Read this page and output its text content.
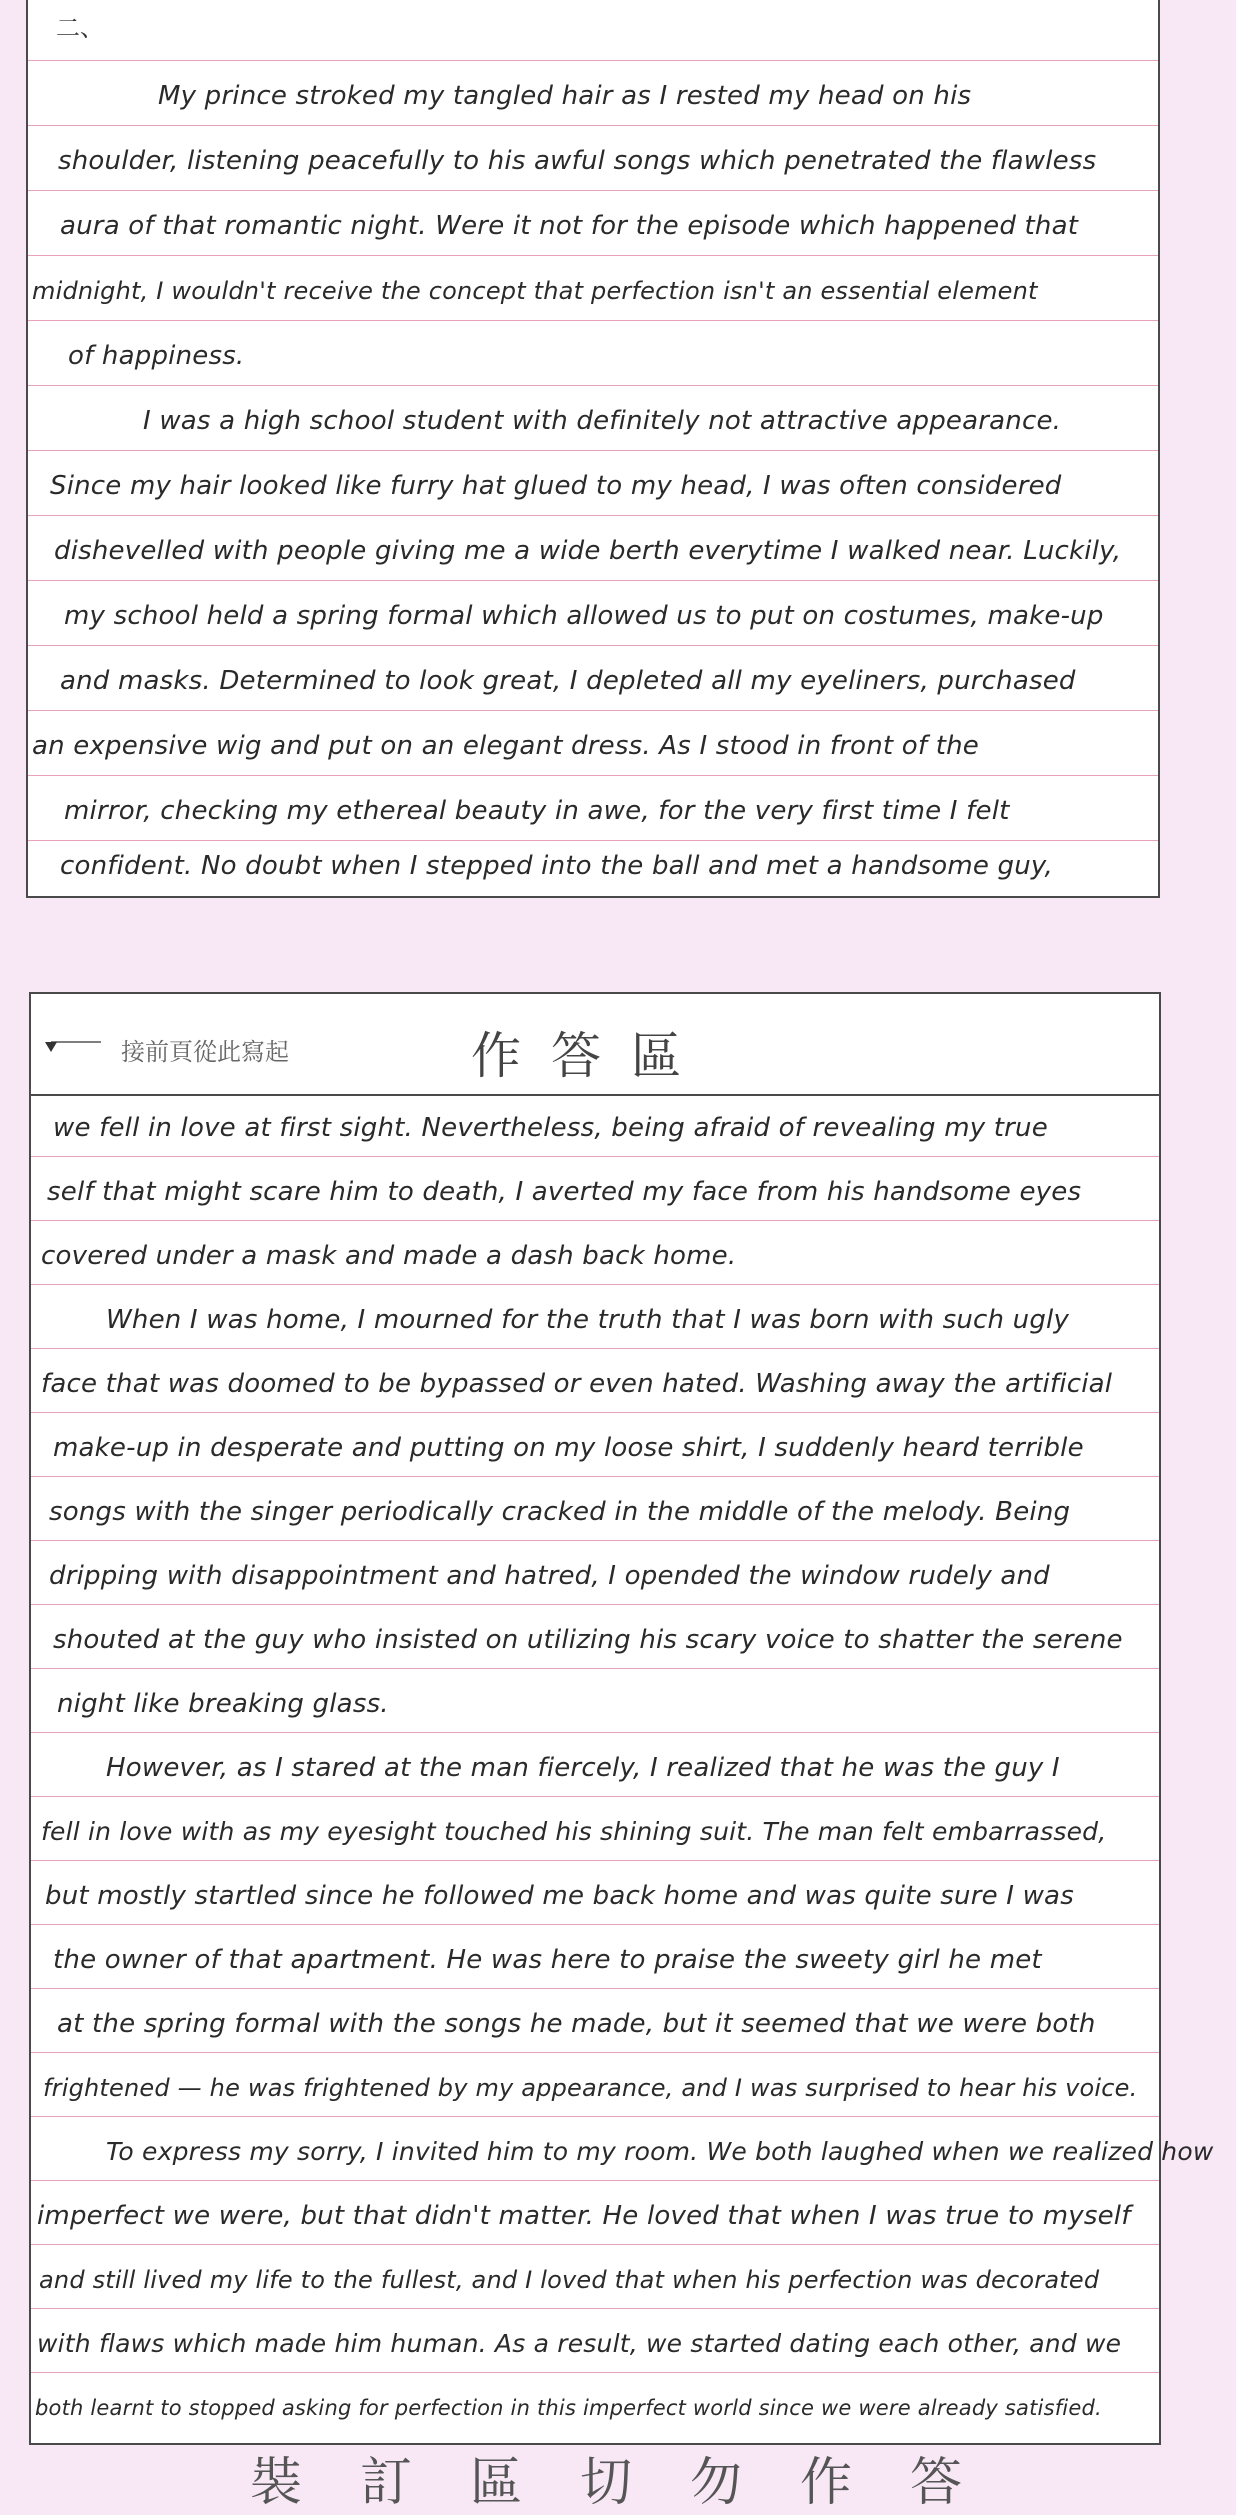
二、
My prince stroked my tangled hair as I rested my head on his
shoulder, listening peacefully to his awful songs which penetrated the flawless
aura of that romantic night. Were it not for the episode which happened that
midnight, I wouldn't receive the concept that perfection isn't an essential element
of happiness.
I was a high school student with definitely not attractive appearance.
Since my hair looked like furry hat glued to my head, I was often considered
dishevelled with people giving me a wide berth everytime I walked near. Luckily,
my school held a spring formal which allowed us to put on costumes, make-up
and masks. Determined to look great, I depleted all my eyeliners, purchased
an expensive wig and put on an elegant dress. As I stood in front of the
mirror, checking my ethereal beauty in awe, for the very first time I felt
confident. No doubt when I stepped into the ball and met a handsome guy,
接前頁從此寫起	作答區
we fell in love at first sight. Nevertheless, being afraid of revealing my true
self that might scare him to death, I averted my face from his handsome eyes
covered under a mask and made a dash back home.
When I was home, I mourned for the truth that I was born with such ugly
face that was doomed to be bypassed or even hated. Washing away the artificial
make-up in desperate and putting on my loose shirt, I suddenly heard terrible
songs with the singer periodically cracked in the middle of the melody. Being
dripping with disappointment and hatred, I opended the window rudely and
shouted at the guy who insisted on utilizing his scary voice to shatter the serene
night like breaking glass.
However, as I stared at the man fiercely, I realized that he was the guy I
fell in love with as my eyesight touched his shining suit. The man felt embarrassed,
but mostly startled since he followed me back home and was quite sure I was
the owner of that apartment. He was here to praise the sweety girl he met
at the spring formal with the songs he made, but it seemed that we were both
frightened — he was frightened by my appearance, and I was surprised to hear his voice.
To express my sorry, I invited him to my room. We both laughed when we realized how
imperfect we were, but that didn't matter. He loved that when I was true to myself
and still lived my life to the fullest, and I loved that when his perfection was decorated
with flaws which made him human. As a result, we started dating each other, and we
both learnt to stopped asking for perfection in this imperfect world since we were already satisfied.
裝訂區切勿作答
